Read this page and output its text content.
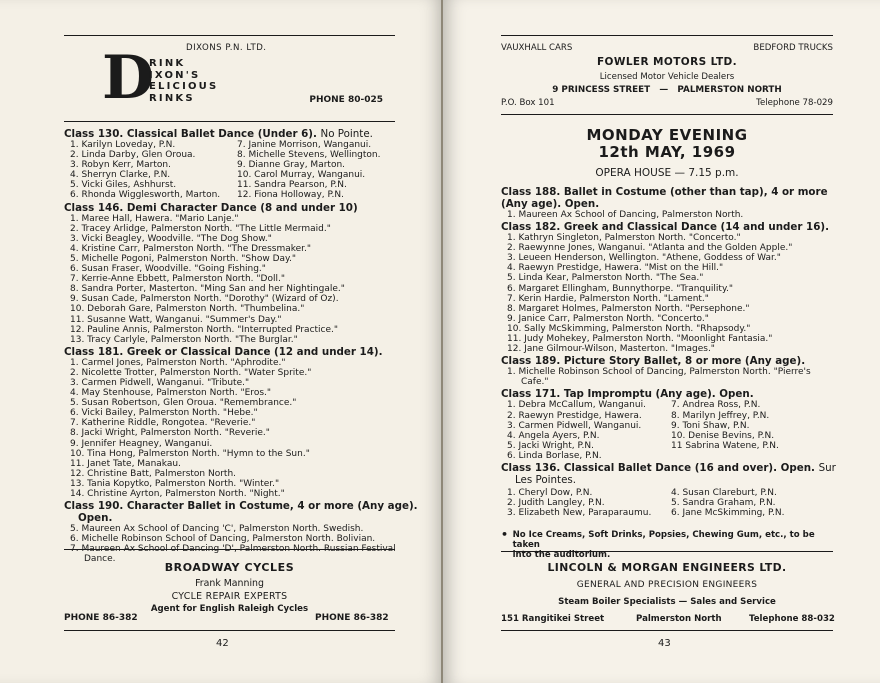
DIXONS P.N. LTD.
D
RINK
IXON'S
ELICIOUS
RINKS	PHONE 80-025
Class 130. Classical Ballet Dance (Under 6). No Pointe.
1. Karilyn Loveday, P.N.
2. Linda Darby, Glen Oroua.
3. Robyn Kerr, Marton.
4. Sherryn Clarke, P.N.
5. Vicki Giles, Ashhurst.
6. Rhonda Wigglesworth, Marton.
7. Janine Morrison, Wanganui.
8. Michelle Stevens, Wellington.
9. Dianne Gray, Marton.
10. Carol Murray, Wanganui.
11. Sandra Pearson, P.N.
12. Fiona Holloway, P.N.
Class 146. Demi Character Dance (8 and under 10)
1. Maree Hall, Hawera. "Mario Lanje."
2. Tracey Arlidge, Palmerston North. "The Little Mermaid."
3. Vicki Beagley, Woodville. "The Dog Show."
4. Kristine Carr, Palmerston North. "The Dressmaker."
5. Michelle Pogoni, Palmerston North. "Show Day."
6. Susan Fraser, Woodville. "Going Fishing."
7. Kerrie-Anne Ebbett, Palmerston North. "Doll."
8. Sandra Porter, Masterton. "Ming San and her Nightingale."
9. Susan Cade, Palmerston North. "Dorothy" (Wizard of Oz).
10. Deborah Gare, Palmerston North. "Thumbelina."
11. Susanne Watt, Wanganui. "Summer's Day."
12. Pauline Annis, Palmerston North. "Interrupted Practice."
13. Tracy Carlyle, Palmerston North. "The Burglar."
Class 181. Greek or Classical Dance (12 and under 14).
1. Carmel Jones, Palmerston North. "Aphrodite."
2. Nicolette Trotter, Palmerston North. "Water Sprite."
3. Carmen Pidwell, Wanganui. "Tribute."
4. May Stenhouse, Palmerston North. "Eros."
5. Susan Robertson, Glen Oroua. "Remembrance."
6. Vicki Bailey, Palmerston North. "Hebe."
7. Katherine Riddle, Rongotea. "Reverie."
8. Jacki Wright, Palmerston North. "Reverie."
9. Jennifer Heagney, Wanganui.
10. Tina Hong, Palmerston North. "Hymn to the Sun."
11. Janet Tate, Manakau.
12. Christine Batt, Palmerston North.
13. Tania Kopytko, Palmerston North. "Winter."
14. Christine Ayrton, Palmerston North. "Night."
Class 190. Character Ballet in Costume, 4 or more (Any age).
Open.
5. Maureen Ax School of Dancing 'C', Palmerston North. Swedish.
6. Michelle Robinson School of Dancing, Palmerston North. Bolivian.
7. Maureen Ax School of Dancing 'D', Palmerston North. Russian Festival
Dance.
BROADWAY CYCLES
Frank Manning
CYCLE REPAIR EXPERTS
Agent for English Raleigh Cycles
PHONE 86-382	PHONE 86-382
42
VAUXHALL CARS	BEDFORD TRUCKS
FOWLER MOTORS LTD.
Licensed Motor Vehicle Dealers
9 PRINCESS STREET — PALMERSTON NORTH
P.O. Box 101	Telephone 78-029
MONDAY EVENING
12th MAY, 1969
OPERA HOUSE — 7.15 p.m.
Class 188. Ballet in Costume (other than tap), 4 or more
(Any age). Open.
1. Maureen Ax School of Dancing, Palmerston North.
Class 182. Greek and Classical Dance (14 and under 16).
1. Kathryn Singleton, Palmerston North. "Concerto."
2. Raewynne Jones, Wanganui. "Atlanta and the Golden Apple."
3. Leueen Henderson, Wellington. "Athene, Goddess of War."
4. Raewyn Prestidge, Hawera. "Mist on the Hill."
5. Linda Kear, Palmerston North. "The Sea."
6. Margaret Ellingham, Bunnythorpe. "Tranquility."
7. Kerin Hardie, Palmerston North. "Lament."
8. Margaret Holmes, Palmerston North. "Persephone."
9. Janice Carr, Palmerston North. "Concerto."
10. Sally McSkimming, Palmerston North. "Rhapsody."
11. Judy Mohekey, Palmerston North. "Moonlight Fantasia."
12. Jane Gilmour-Wilson, Masterton. "Images."
Class 189. Picture Story Ballet, 8 or more (Any age).
1. Michelle Robinson School of Dancing, Palmerston North. "Pierre's
Cafe."
Class 171. Tap Impromptu (Any age). Open.
1. Debra McCallum, Wanganui.
2. Raewyn Prestidge, Hawera.
3. Carmen Pidwell, Wanganui.
4. Angela Ayers, P.N.
5. Jacki Wright, P.N.
6. Linda Borlase, P.N.
7. Andrea Ross, P.N.
8. Marilyn Jeffrey, P.N.
9. Toni Shaw, P.N.
10. Denise Bevins, P.N.
11 Sabrina Watene, P.N.
Class 136. Classical Ballet Dance (16 and over). Open. Sur
Les Pointes.
1. Cheryl Dow, P.N.
2. Judith Langley, P.N.
3. Elizabeth New, Paraparaumu.
4. Susan Clareburt, P.N.
5. Sandra Graham, P.N.
6. Jane McSkimming, P.N.
• No Ice Creams, Soft Drinks, Popsies, Chewing Gum, etc., to be taken
into the auditorium.
LINCOLN & MORGAN ENGINEERS LTD.
GENERAL AND PRECISION ENGINEERS
Steam Boiler Specialists — Sales and Service
151 Rangitikei Street	Palmerston North	Telephone 88-032
43
